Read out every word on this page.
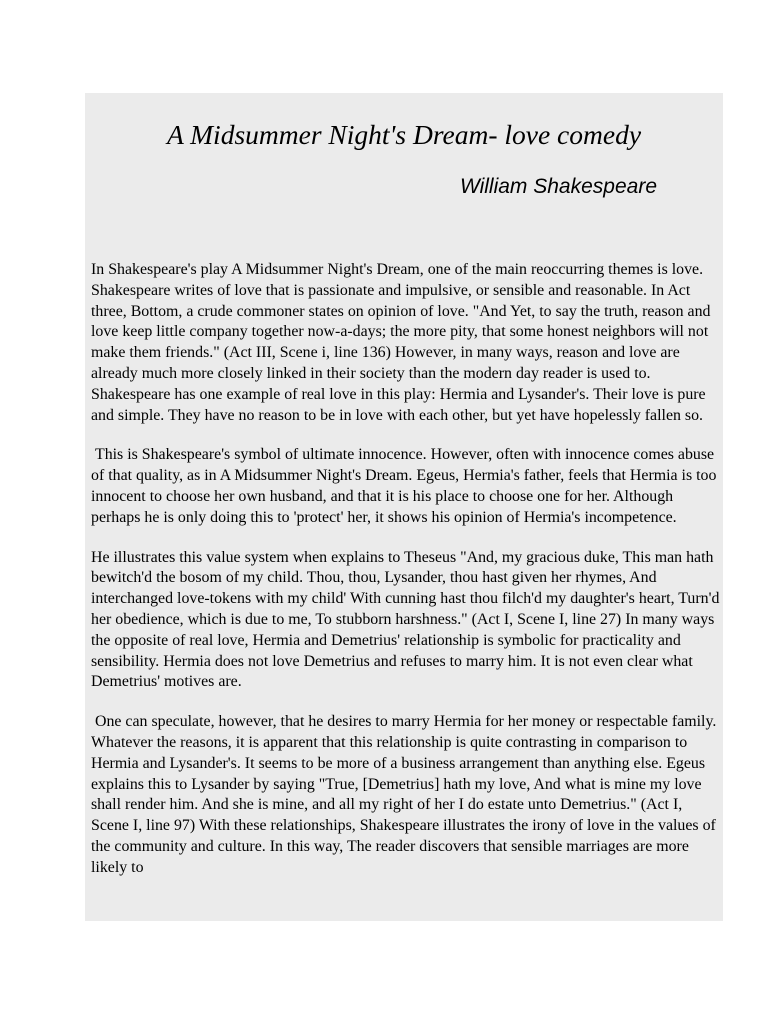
A Midsummer Night's Dream- love comedy
William Shakespeare

In Shakespeare's play A Midsummer Night's Dream, one of the main reoccurring themes is love. Shakespeare writes of love that is passionate and impulsive, or sensible and reasonable. In Act three, Bottom, a crude commoner states on opinion of love. "And Yet, to say the truth, reason and love keep little company together now-a-days; the more pity, that some honest neighbors will not make them friends." (Act III, Scene i, line 136) However, in many ways, reason and love are already much more closely linked in their society than the modern day reader is used to. Shakespeare has one example of real love in this play: Hermia and Lysander's. Their love is pure and simple. They have no reason to be in love with each other, but yet have hopelessly fallen so.

This is Shakespeare's symbol of ultimate innocence. However, often with innocence comes abuse of that quality, as in A Midsummer Night's Dream. Egeus, Hermia's father, feels that Hermia is too innocent to choose her own husband, and that it is his place to choose one for her. Although perhaps he is only doing this to 'protect' her, it shows his opinion of Hermia's incompetence.

He illustrates this value system when explains to Theseus "And, my gracious duke, This man hath bewitch'd the bosom of my child. Thou, thou, Lysander, thou hast given her rhymes, And interchanged love-tokens with my child' With cunning hast thou filch'd my daughter's heart, Turn'd her obedience, which is due to me, To stubborn harshness." (Act I, Scene I, line 27) In many ways the opposite of real love, Hermia and Demetrius' relationship is symbolic for practicality and sensibility. Hermia does not love Demetrius and refuses to marry him. It is not even clear what Demetrius' motives are.

One can speculate, however, that he desires to marry Hermia for her money or respectable family. Whatever the reasons, it is apparent that this relationship is quite contrasting in comparison to Hermia and Lysander's. It seems to be more of a business arrangement than anything else. Egeus explains this to Lysander by saying "True, [Demetrius] hath my love, And what is mine my love shall render him. And she is mine, and all my right of her I do estate unto Demetrius." (Act I, Scene I, line 97) With these relationships, Shakespeare illustrates the irony of love in the values of the community and culture. In this way, The reader discovers that sensible marriages are more likely to
